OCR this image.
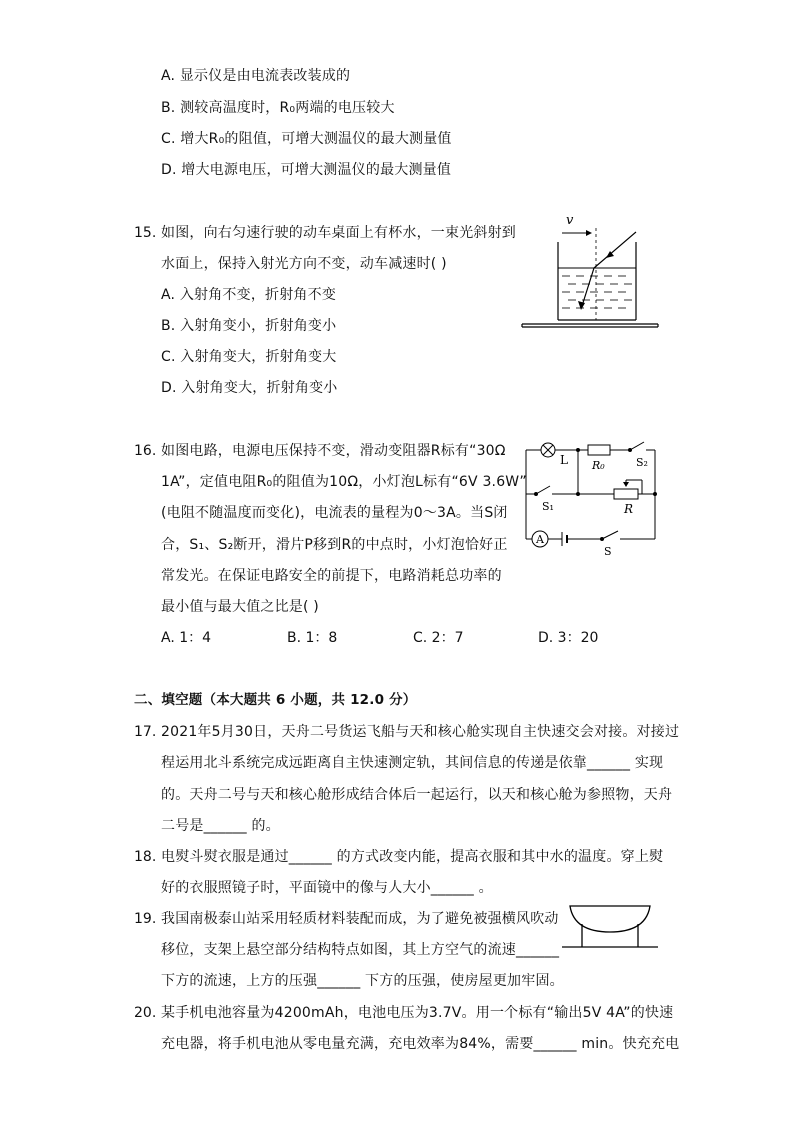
A. 显示仪是由电流表改装成的
B. 测较高温度时，R₀两端的电压较大
C. 增大R₀的阻值，可增大测温仪的最大测量值
D. 增大电源电压，可增大测温仪的最大测量值
15. 如图，向右匀速行驶的动车桌面上有杯水，一束光斜射到
水面上，保持入射光方向不变，动车减速时( )
A. 入射角不变，折射角不变
B. 入射角变小，折射角变小
C. 入射角变大，折射角变大
D. 入射角变大，折射角变小
v
16. 如图电路，电源电压保持不变，滑动变阻器R标有“30Ω
1A”，定值电阻R₀的阻值为10Ω，小灯泡L标有“6V 3.6W”
(电阻不随温度而变化)，电流表的量程为0～3A。当S闭
合，S₁、S₂断开，滑片P移到R的中点时，小灯泡恰好正
常发光。在保证电路安全的前提下，电路消耗总功率的
最小值与最大值之比是( )
A. 1：4	B. 1：8	C. 2：7	D. 3：20
L R₀	S₂
S₁	R
A
S
二、填空题（本大题共 6 小题，共 12.0 分）
17. 2021年5月30日，天舟二号货运飞船与天和核心舱实现自主快速交会对接。对接过
程运用北斗系统完成远距离自主快速测定轨，其间信息的传递是依靠______ 实现
的。天舟二号与天和核心舱形成结合体后一起运行，以天和核心舱为参照物，天舟
二号是______ 的。
18. 电熨斗熨衣服是通过______ 的方式改变内能，提高衣服和其中水的温度。穿上熨
好的衣服照镜子时，平面镜中的像与人大小______ 。
19. 我国南极泰山站采用轻质材料装配而成，为了避免被强横风吹动
移位，支架上悬空部分结构特点如图，其上方空气的流速______
下方的流速，上方的压强______ 下方的压强，使房屋更加牢固。
20. 某手机电池容量为4200mAh，电池电压为3.7V。用一个标有“输出5V 4A”的快速
充电器，将手机电池从零电量充满，充电效率为84%，需要______ min。快充充电
